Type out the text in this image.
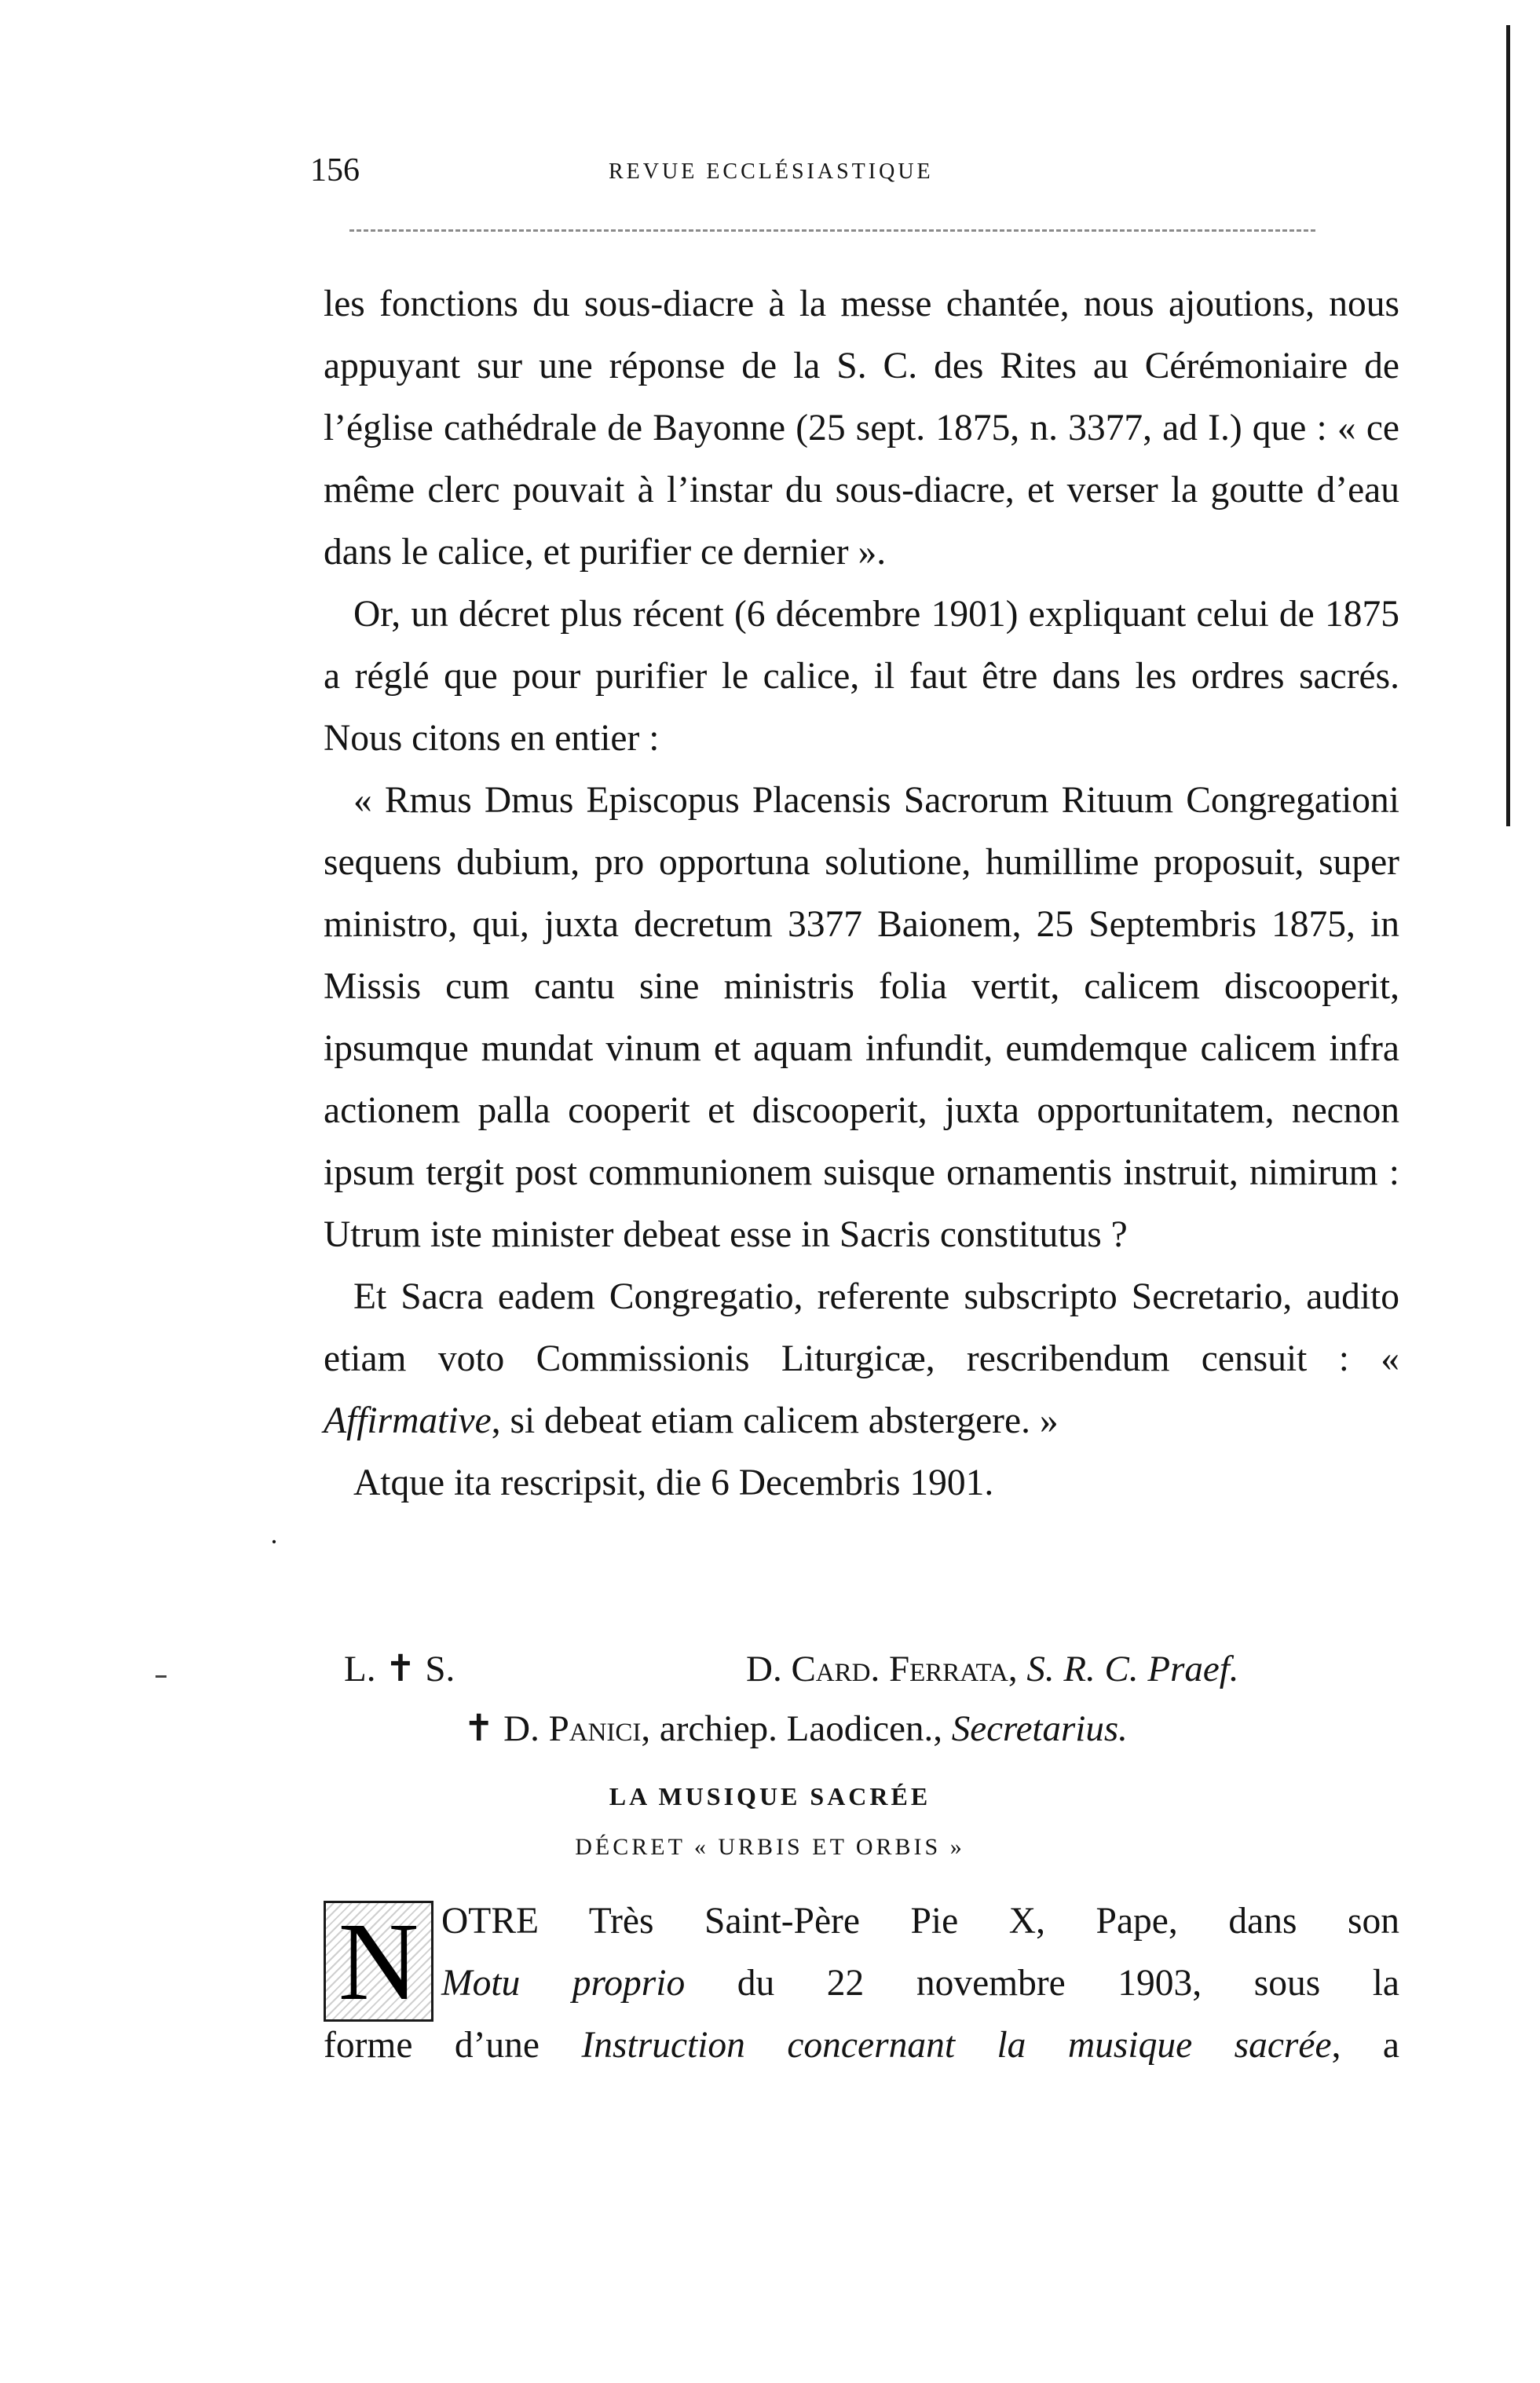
156	REVUE ECCLÉSIASTIQUE

les fonctions du sous-diacre à la messe chantée, nous ajoutions, nous appuyant sur une réponse de la S. C. des Rites au Cérémoniaire de l’église cathédrale de Bayonne (25 sept. 1875, n. 3377, ad I.) que : « ce même clerc pouvait à l’instar du sous-diacre, et verser la goutte d’eau dans le calice, et purifier ce dernier ».

Or, un décret plus récent (6 décembre 1901) expliquant celui de 1875 a réglé que pour purifier le calice, il faut être dans les ordres sacrés. Nous citons en entier :

« Rmus Dmus Episcopus Placensis Sacrorum Rituum Congregationi sequens dubium, pro opportuna solutione, humillime proposuit, super ministro, qui, juxta decretum 3377 Baionem, 25 Septembris 1875, in Missis cum cantu sine ministris folia vertit, calicem discooperit, ipsumque mundat vinum et aquam infundit, eumdemque calicem infra actionem palla cooperit et discooperit, juxta opportunitatem, necnon ipsum tergit post communionem suisque ornamentis instruit, nimirum : Utrum iste minister debeat esse in Sacris constitutus ?

Et Sacra eadem Congregatio, referente subscripto Secretario, audito etiam voto Commissionis Liturgicæ, rescribendum censuit : « Affirmative, si debeat etiam calicem abstergere. »

Atque ita rescripsit, die 6 Decembris 1901.

L. ✝ S.	D. Card. Ferrata, S. R. C. Praef.
✝ D. Panici, archiep. Laodicen., Secretarius.
LA MUSIQUE SACRÉE
DÉCRET « URBIS ET ORBIS »
N OTRE Très Saint-Père Pie X, Pape, dans son
Motu proprio du 22 novembre 1903, sous la
forme d’une Instruction concernant la musique sacrée, a
·
